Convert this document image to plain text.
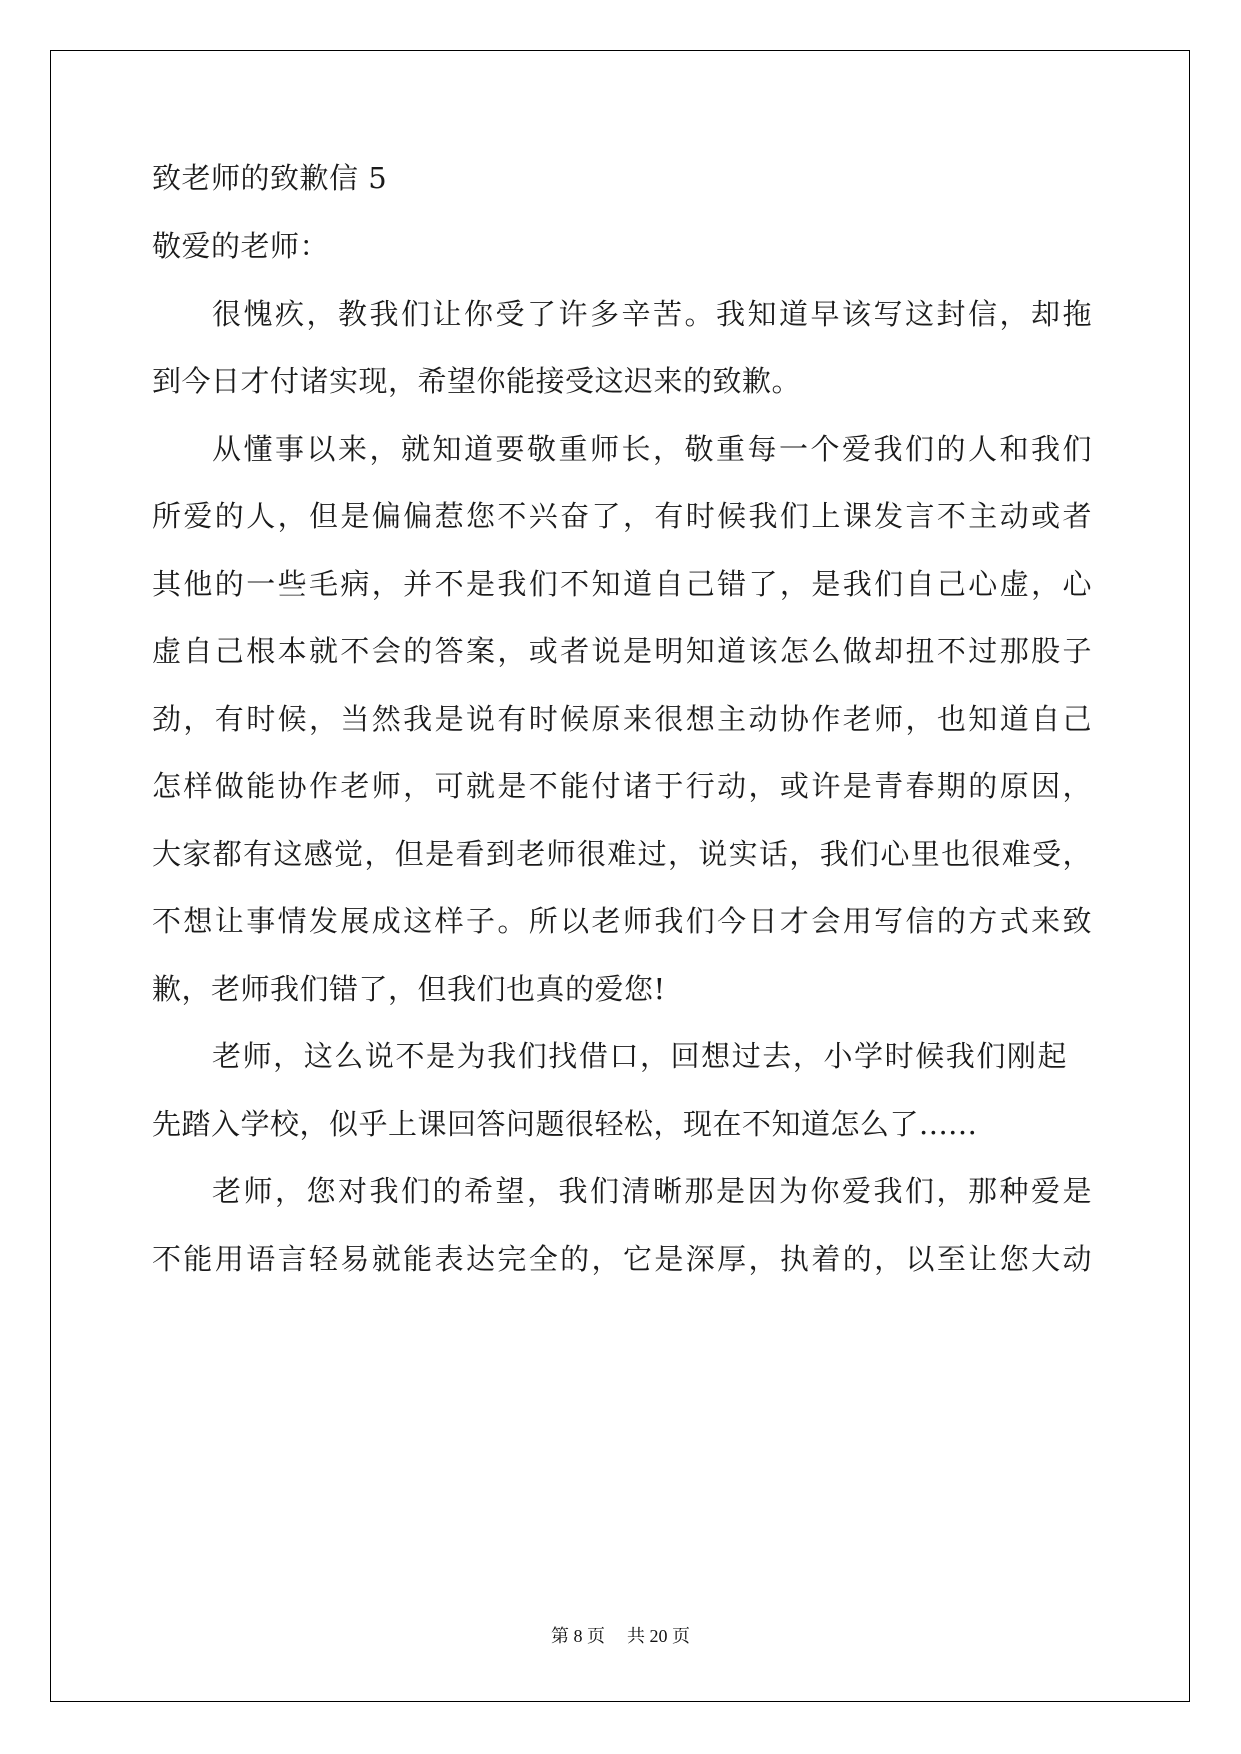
致老师的致歉信 5
敬爱的老师：
很愧疚，教我们让你受了许多辛苦。我知道早该写这封信，却拖
到今日才付诸实现，希望你能接受这迟来的致歉。
从懂事以来，就知道要敬重师长，敬重每一个爱我们的人和我们
所爱的人，但是偏偏惹您不兴奋了，有时候我们上课发言不主动或者
其他的一些毛病，并不是我们不知道自己错了，是我们自己心虚，心
虚自己根本就不会的答案，或者说是明知道该怎么做却扭不过那股子
劲，有时候，当然我是说有时候原来很想主动协作老师，也知道自己
怎样做能协作老师，可就是不能付诸于行动，或许是青春期的原因，
大家都有这感觉，但是看到老师很难过，说实话，我们心里也很难受，
不想让事情发展成这样子。所以老师我们今日才会用写信的方式来致
歉，老师我们错了，但我们也真的爱您!
老师，这么说不是为我们找借口，回想过去，小学时候我们刚起
先踏入学校，似乎上课回答问题很轻松，现在不知道怎么了......
老师，您对我们的希望，我们清晰那是因为你爱我们，那种爱是
不能用语言轻易就能表达完全的，它是深厚，执着的，以至让您大动
第 8 页 共 20 页
